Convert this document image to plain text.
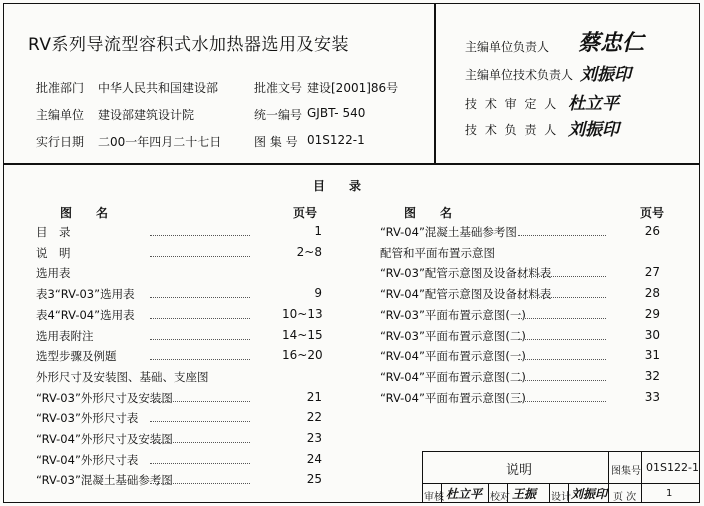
RV系列导流型容积式水加热器选用及安装
批准部门 中华人民共和国建设部	批准文号 建设[2001]86号
主编单位 建设部建筑设计院	统一编号 GJBT- 540
实行日期 二00一年四月二十七日	图 集 号 01S122-1
主编单位负责人 蔡忠仁
主编单位技术负责人 刘振印
技 术 审 定 人 杜立平
技 术 负 责 人 刘振印
目　　录
图　　名	页号	图　　名	页号
目　录	1
说　明	2~8
选用表
表3“RV-03”选用表	9
表4“RV-04”选用表	10~13
选用表附注	14~15
选型步骤及例题	16~20
外形尺寸及安装图、基础、支座图
“RV-03”外形尺寸及安装图	21
“RV-03”外形尺寸表	22
“RV-04”外形尺寸及安装图	23
“RV-04”外形尺寸表	24
“RV-03”混凝土基础参考图	25
“RV-04”混凝土基础参考图	26
配管和平面布置示意图
“RV-03”配管示意图及设备材料表	27
“RV-04”配管示意图及设备材料表	28
“RV-03”平面布置示意图(一)	29
“RV-03”平面布置示意图(二)	30
“RV-04”平面布置示意图(一)	31
“RV-04”平面布置示意图(二)	32
“RV-04”平面布置示意图(三)	33
说明	图集号 01S122-1
审核 杜立平 校对 王振 设计 刘振印 页 次	1
